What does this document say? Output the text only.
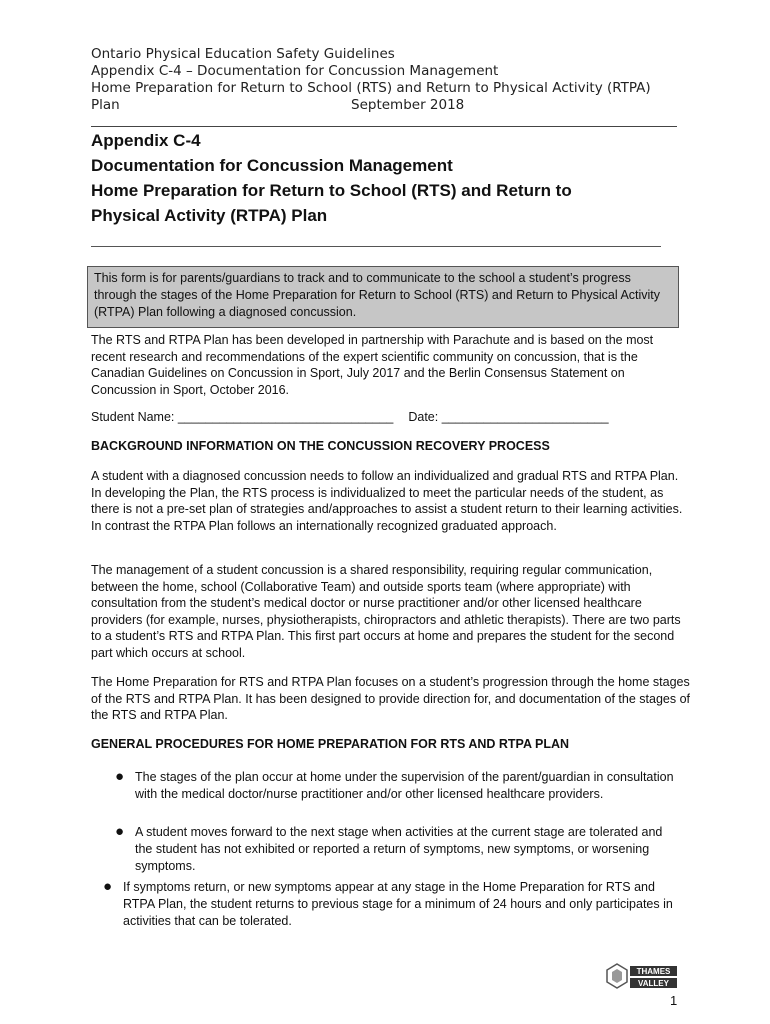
Ontario Physical Education Safety Guidelines
Appendix C-4 – Documentation for Concussion Management
Home Preparation for Return to School (RTS) and Return to Physical Activity (RTPA)
Plan	September 2018
Appendix C-4
Documentation for Concussion Management
Home Preparation for Return to School (RTS) and Return to
Physical Activity (RTPA) Plan
This form is for parents/guardians to track and to communicate to the school a student’s progress through the stages of the Home Preparation for Return to School (RTS) and Return to Physical Activity (RTPA) Plan following a diagnosed concussion.
The RTS and RTPA Plan has been developed in partnership with Parachute and is based on the most recent research and recommendations of the expert scientific community on concussion, that is the Canadian Guidelines on Concussion in Sport, July 2017 and the Berlin Consensus Statement on Concussion in Sport, October 2016.
Student Name: _______________________________ Date: ________________________
BACKGROUND INFORMATION ON THE CONCUSSION RECOVERY PROCESS
A student with a diagnosed concussion needs to follow an individualized and gradual RTS and RTPA Plan. In developing the Plan, the RTS process is individualized to meet the particular needs of the student, as there is not a pre-set plan of strategies and/approaches to assist a student return to their learning activities. In contrast the RTPA Plan follows an internationally recognized graduated approach.
The management of a student concussion is a shared responsibility, requiring regular communication, between the home, school (Collaborative Team) and outside sports team (where appropriate) with consultation from the student’s medical doctor or nurse practitioner and/or other licensed healthcare providers (for example, nurses, physiotherapists, chiropractors and athletic therapists). There are two parts to a student’s RTS and RTPA Plan. This first part occurs at home and prepares the student for the second part which occurs at school.
The Home Preparation for RTS and RTPA Plan focuses on a student’s progression through the home stages of the RTS and RTPA Plan. It has been designed to provide direction for, and documentation of the stages of the RTS and RTPA Plan.
GENERAL PROCEDURES FOR HOME PREPARATION FOR RTS AND RTPA PLAN
● The stages of the plan occur at home under the supervision of the parent/guardian in consultation with the medical doctor/nurse practitioner and/or other licensed healthcare providers.
● A student moves forward to the next stage when activities at the current stage are tolerated and the student has not exhibited or reported a return of symptoms, new symptoms, or worsening symptoms.
● If symptoms return, or new symptoms appear at any stage in the Home Preparation for RTS and RTPA Plan, the student returns to previous stage for a minimum of 24 hours and only participates in activities that can be tolerated.
THAMES
VALLEY
1
